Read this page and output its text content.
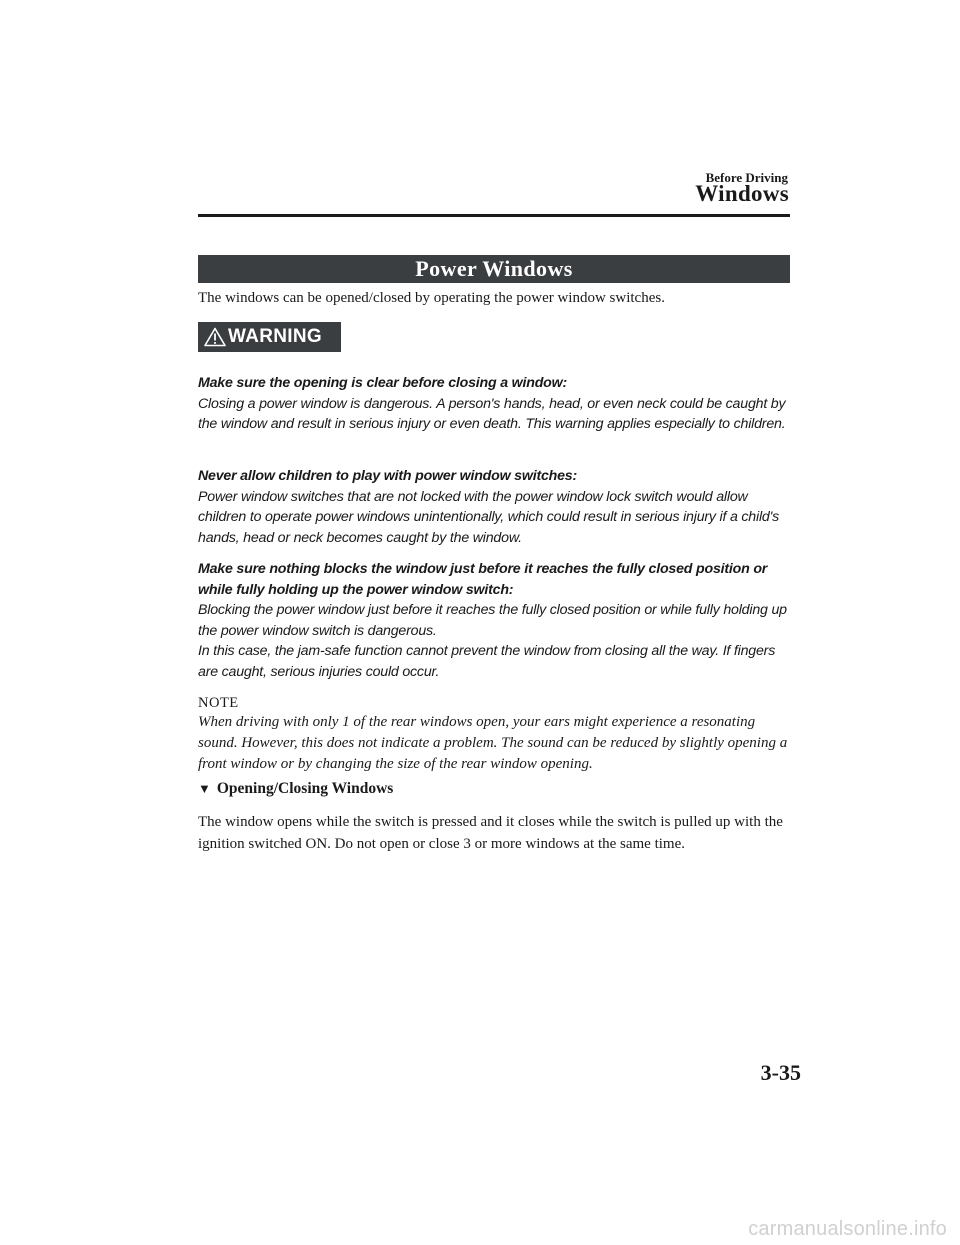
Before Driving
Windows
Power Windows
The windows can be opened/closed by operating the power window switches.
WARNING
Make sure the opening is clear before closing a window:
Closing a power window is dangerous. A person's hands, head, or even neck could be caught by the window and result in serious injury or even death. This warning applies especially to children.
Never allow children to play with power window switches:
Power window switches that are not locked with the power window lock switch would allow children to operate power windows unintentionally, which could result in serious injury if a child's hands, head or neck becomes caught by the window.
Make sure nothing blocks the window just before it reaches the fully closed position or while fully holding up the power window switch:
Blocking the power window just before it reaches the fully closed position or while fully holding up the power window switch is dangerous.
In this case, the jam-safe function cannot prevent the window from closing all the way. If fingers are caught, serious injuries could occur.
NOTE
When driving with only 1 of the rear windows open, your ears might experience a resonating sound. However, this does not indicate a problem. The sound can be reduced by slightly opening a front window or by changing the size of the rear window opening.
▼ Opening/Closing Windows
The window opens while the switch is pressed and it closes while the switch is pulled up with the ignition switched ON. Do not open or close 3 or more windows at the same time.
3-35
carmanualsonline.info
